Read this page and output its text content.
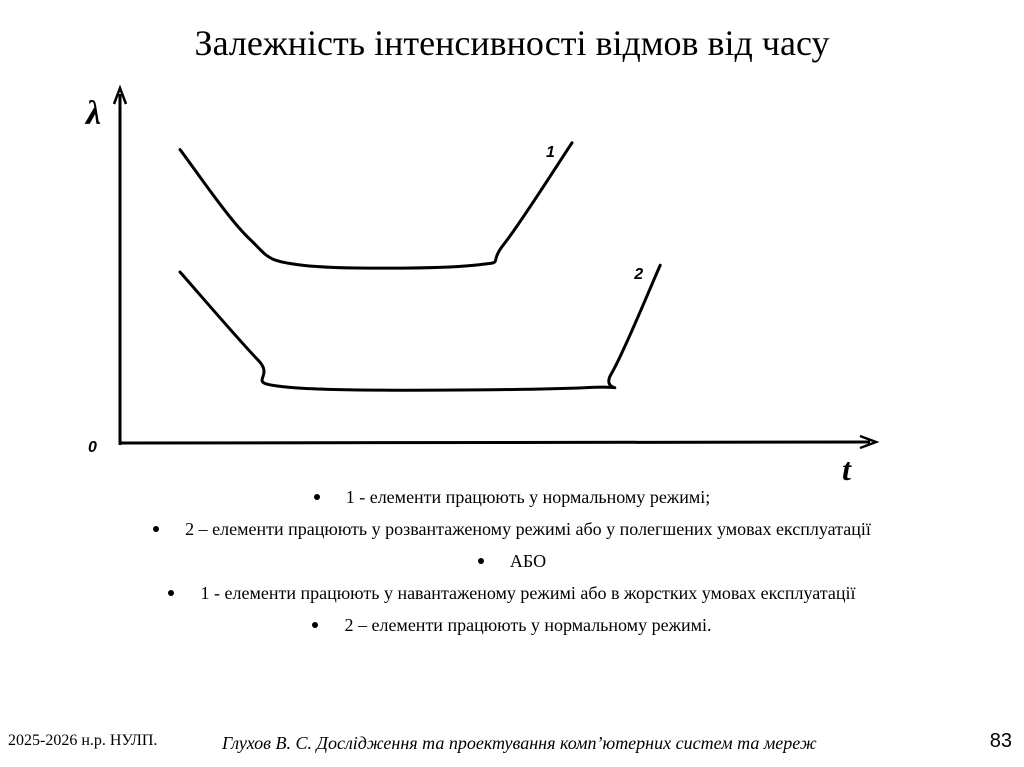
Залежність інтенсивності відмов від часу
λ
t
0
1
2
1 - елементи працюють у нормальному режимі;
2 – елементи працюють у розвантаженому режимі або у полегшених умовах експлуатації
АБО
1 - елементи працюють у навантаженому режимі або в жорстких умовах експлуатації
2 – елементи працюють у нормальному режимі.
2025-2026 н.р. НУЛП.	Глухов В. С. Дослідження та проектування комп’ютерних систем та мереж	83
